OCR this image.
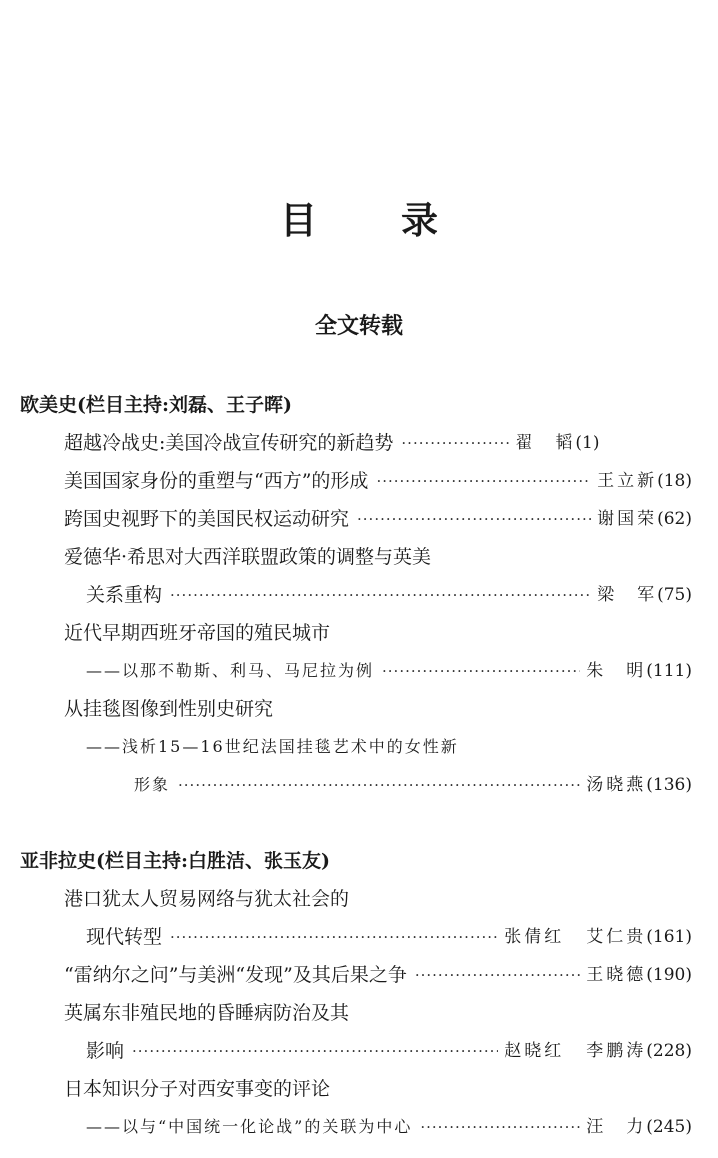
目 录
全文转载
欧美史(栏目主持:刘磊、王子晖)
超越冷战史:美国冷战宣传研究的新趋势 ·····	翟　韬 (1)
美国国家身份的重塑与“西方”的形成 ·····	王立新 (18)
跨国史视野下的美国民权运动研究 ·····	谢国荣 (62)
爱德华·希思对大西洋联盟政策的调整与英美
关系重构 ·····	梁　军 (75)
近代早期西班牙帝国的殖民城市
——以那不勒斯、利马、马尼拉为例 ·····	朱　明 (111)
从挂毯图像到性别史研究
——浅析15—16世纪法国挂毯艺术中的女性新
形象 ·····	汤晓燕 (136)
亚非拉史(栏目主持:白胜洁、张玉友)
港口犹太人贸易网络与犹太社会的
现代转型 ·····	张倩红 艾仁贵 (161)
“雷纳尔之问”与美洲“发现”及其后果之争 ·····	王晓德 (190)
英属东非殖民地的昏睡病防治及其
影响 ·····	赵晓红 李鹏涛 (228)
日本知识分子对西安事变的评论
——以与“中国统一化论战”的关联为中心 ·····	汪　力 (245)
